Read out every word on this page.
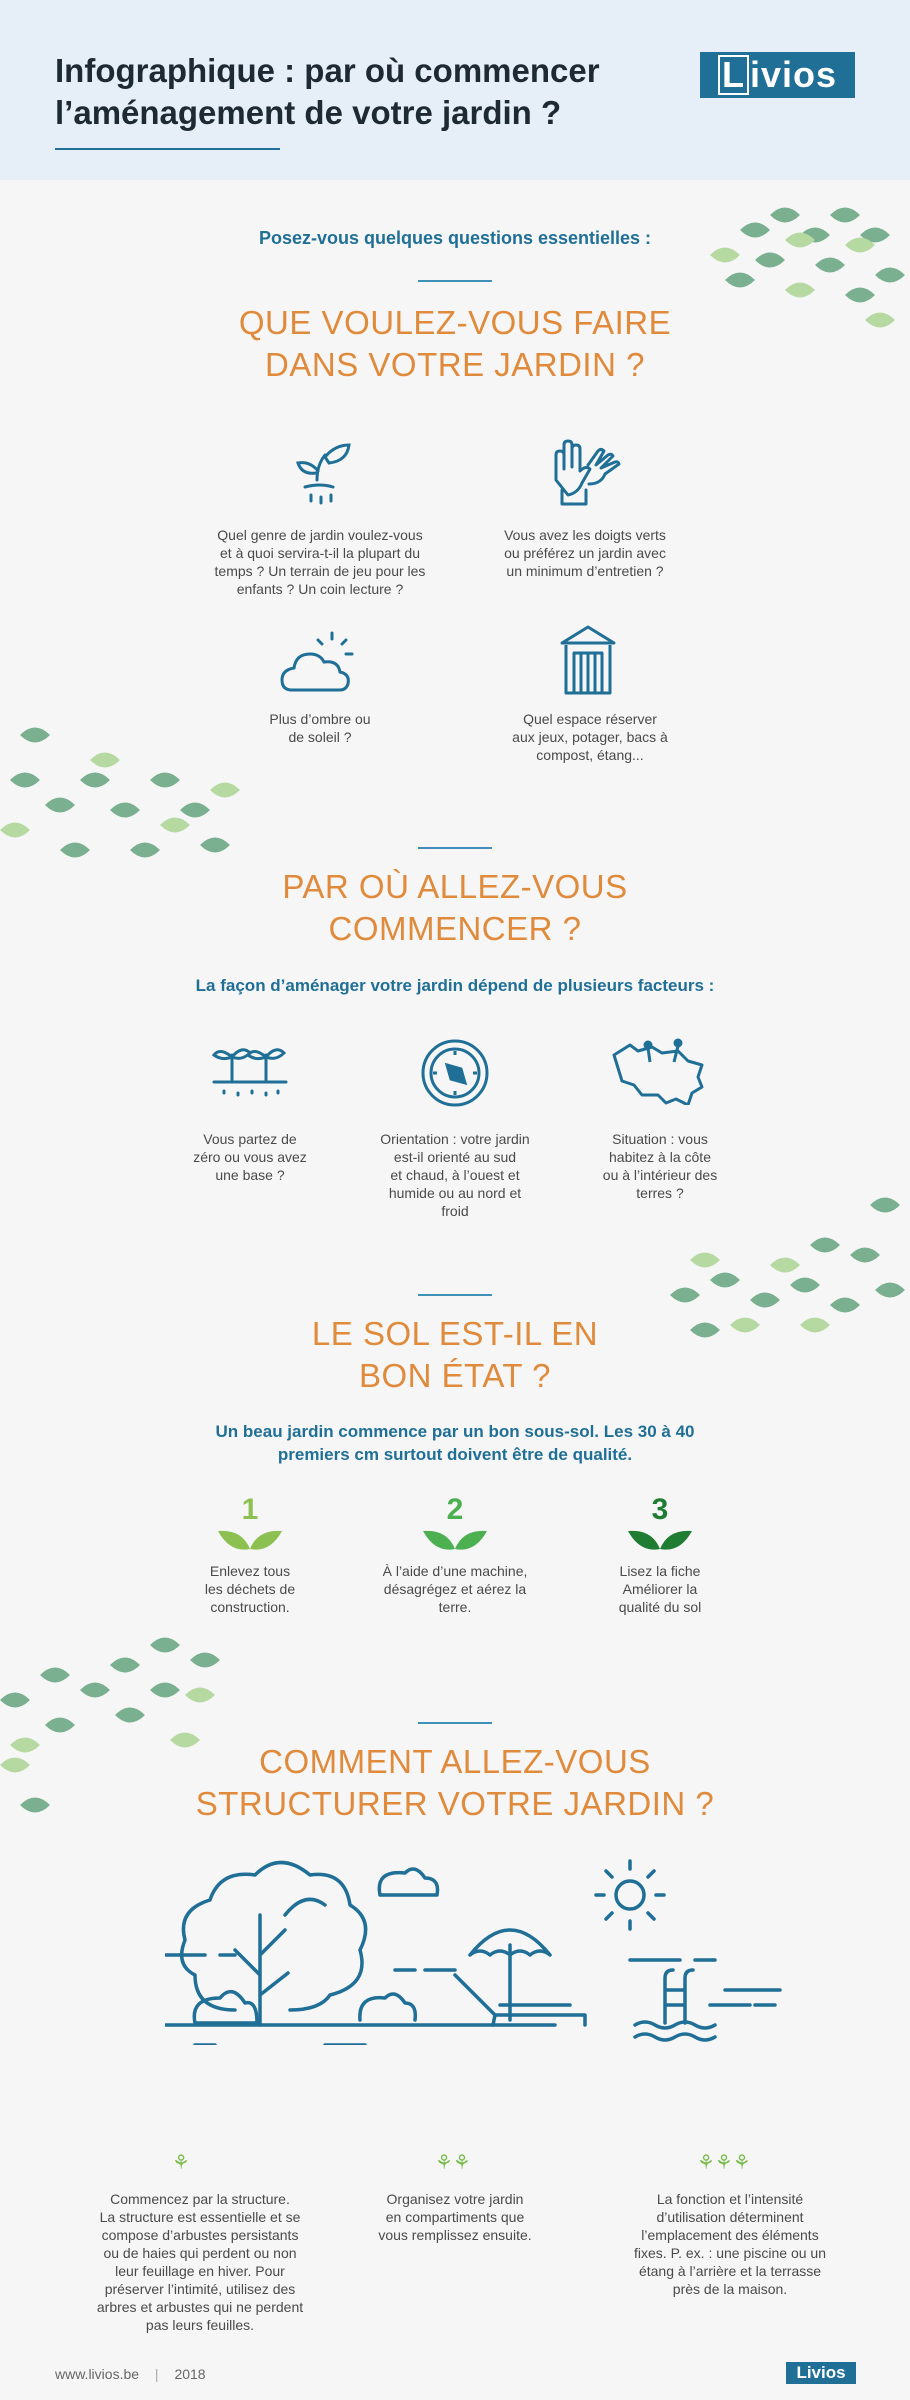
Infographique : par où commencer
l’aménagement de votre jardin ?
L ivios
Posez-vous quelques questions essentielles :
QUE VOULEZ-VOUS FAIRE
DANS VOTRE JARDIN ?
Quel genre de jardin voulez-vous
et à quoi servira-t-il la plupart du
temps ? Un terrain de jeu pour les
enfants ? Un coin lecture ?
Vous avez les doigts verts
ou préférez un jardin avec
un minimum d’entretien ?
Plus d’ombre ou
de soleil ?
Quel espace réserver
aux jeux, potager, bacs à
compost, étang...
PAR OÙ ALLEZ-VOUS
COMMENCER ?
La façon d’aménager votre jardin dépend de plusieurs facteurs :
Vous partez de
zéro ou vous avez
une base ?
Orientation : votre jardin
est-il orienté au sud
et chaud, à l’ouest et
humide ou au nord et
froid
Situation : vous
habitez à la côte
ou à l’intérieur des
terres ?
LE SOL EST-IL EN
BON ÉTAT ?
Un beau jardin commence par un bon sous-sol. Les 30 à 40
premiers cm surtout doivent être de qualité.
1
Enlevez tous
les déchets de
construction.
2
À l’aide d’une machine,
désagrégez et aérez la
terre.
3
Lisez la fiche
Améliorer la
qualité du sol
COMMENT ALLEZ-VOUS
STRUCTURER VOTRE JARDIN ?
⚘
Commencez par la structure.
La structure est essentielle et se
compose d’arbustes persistants
ou de haies qui perdent ou non
leur feuillage en hiver. Pour
préserver l’intimité, utilisez des
arbres et arbustes qui ne perdent
pas leurs feuilles.
⚘⚘
Organisez votre jardin
en compartiments que
vous remplissez ensuite.
⚘⚘⚘
La fonction et l’intensité
d’utilisation déterminent
l’emplacement des éléments
fixes. P. ex. : une piscine ou un
étang à l’arrière et la terrasse
près de la maison.
www.livios.be | 2018	Livios
